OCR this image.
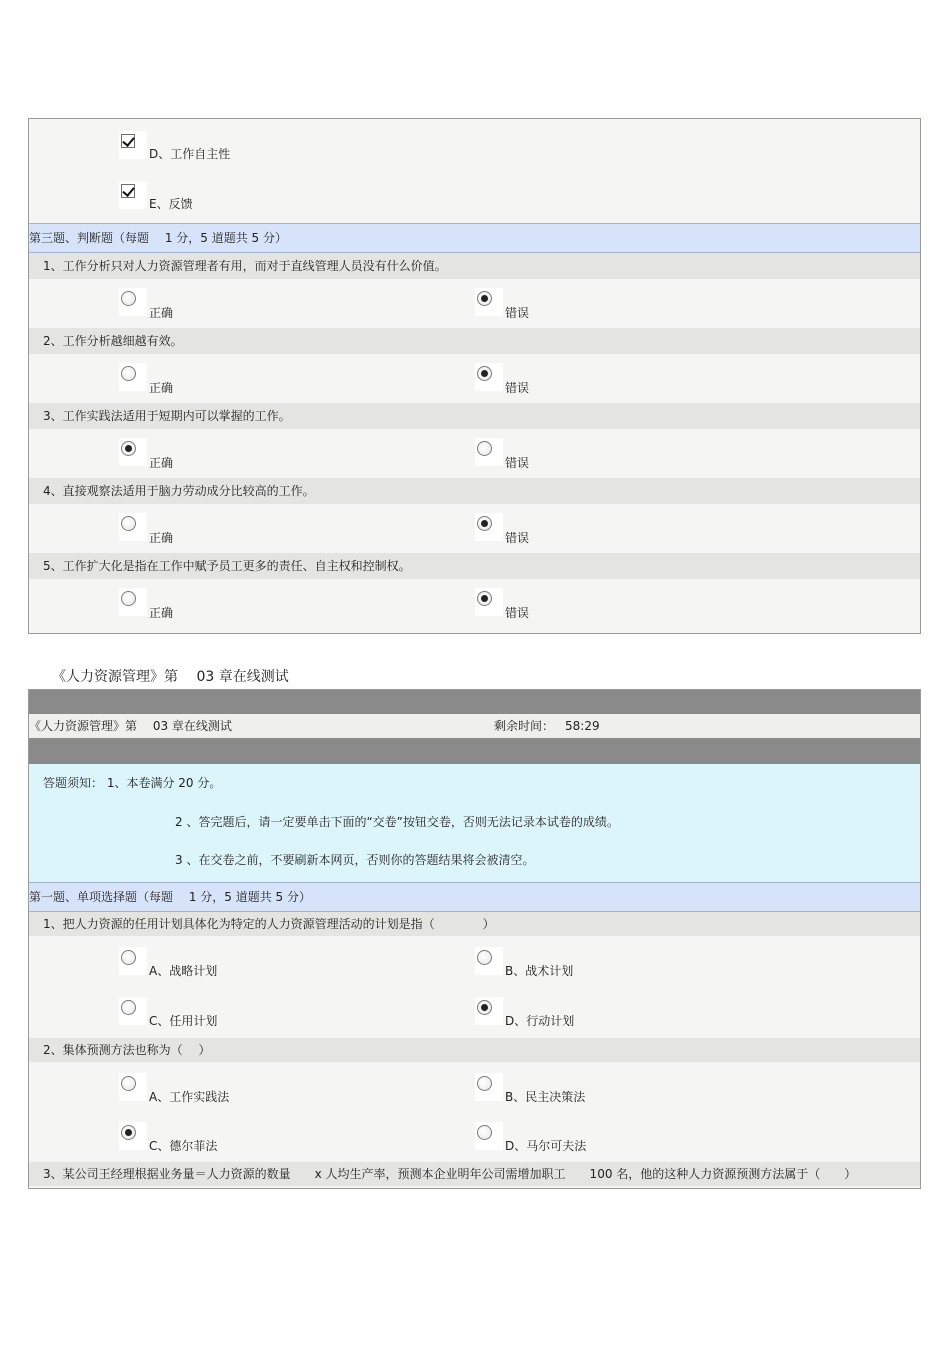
D、工作自主性
E、反馈
第三题、判断题（每题　 1 分，5 道题共 5 分）
1、工作分析只对人力资源管理者有用，而对于直线管理人员没有什么价值。
正确	错误
2、工作分析越细越有效。
正确	错误
3、工作实践法适用于短期内可以掌握的工作。
正确	错误
4、直接观察法适用于脑力劳动成分比较高的工作。
正确	错误
5、工作扩大化是指在工作中赋予员工更多的责任、自主权和控制权。
正确	错误
《人力资源管理》第　 03 章在线测试
《人力资源管理》第　 03 章在线测试	剩余时间： 58:29
答题须知： 1、本卷满分 20 分。
2 、答完题后，请一定要单击下面的“交卷”按钮交卷，否则无法记录本试卷的成绩。
3 、在交卷之前，不要刷新本网页，否则你的答题结果将会被清空。
第一题、单项选择题（每题　 1 分，5 道题共 5 分）
1、把人力资源的任用计划具体化为特定的人力资源管理活动的计划是指（　　　　）
A、战略计划	B、战术计划
C、任用计划	D、行动计划
2、集体预测方法也称为（　 ）
A、工作实践法	B、民主决策法
C、德尔菲法	D、马尔可夫法
3、某公司王经理根据业务量＝人力资源的数量　　x 人均生产率，预测本企业明年公司需增加职工　　100 名，他的这种人力资源预测方法属于（　　）
